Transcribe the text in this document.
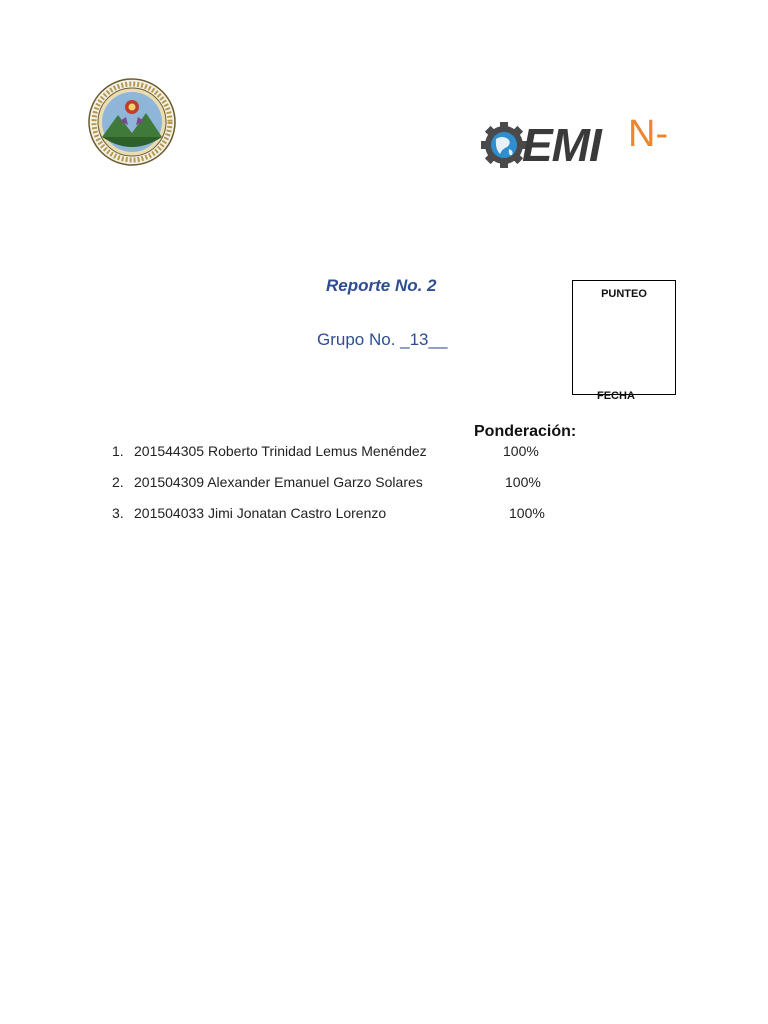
EMI N-
Reporte No. 2
Grupo No. _13__
PUNTEO
FECHA
Ponderación:
1. 201544305 Roberto Trinidad Lemus Menéndez	100%
2. 201504309 Alexander Emanuel Garzo Solares	100%
3. 201504033 Jimi Jonatan Castro Lorenzo	100%
